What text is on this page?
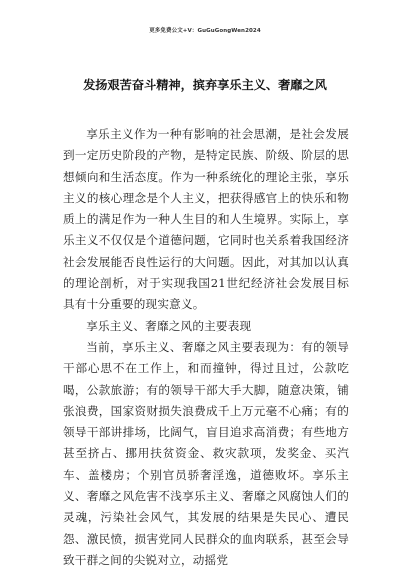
更多免费公文+V：GuGuGongWen2024
发扬艰苦奋斗精神，摈弃享乐主义、奢靡之风

享乐主义作为一种有影响的社会思潮，是社会发展到一定历史阶段的产物，是特定民族、阶级、阶层的思想倾向和生活态度。作为一种系统化的理论主张，享乐主义的核心理念是个人主义，把获得感官上的快乐和物质上的满足作为一种人生目的和人生境界。实际上，享乐主义不仅仅是个道德问题，它同时也关系着我国经济社会发展能否良性运行的大问题。因此，对其加以认真的理论剖析，对于实现我国21世纪经济社会发展目标具有十分重要的现实意义。

享乐主义、奢靡之风的主要表现

当前，享乐主义、奢靡之风主要表现为：有的领导干部心思不在工作上，和而撞钟，得过且过，公款吃喝，公款旅游；有的领导干部大手大脚，随意决策，铺张浪费，国家资财损失浪费成千上万元毫不心痛；有的领导干部讲排场，比阔气，盲目追求高消费；有些地方甚至挤占、挪用扶贫资金、救灾款项，发奖金、买汽车、盖楼房；个别官员骄奢淫逸，道德败坏。享乐主义、奢靡之风危害不浅享乐主义、奢靡之风腐蚀人们的灵魂，污染社会风气，其发展的结果是失民心、遭民怨、激民愤，损害党同人民群众的血肉联系，甚至会导致干群之间的尖锐对立，动摇党
